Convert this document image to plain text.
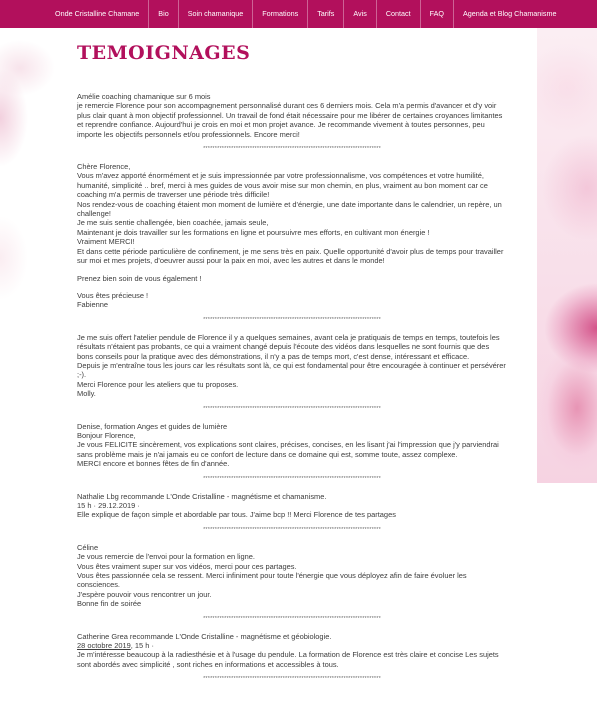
Onde Cristalline Chamane	Bio	Soin chamanique	Formations	Tarifs	Avis	Contact	FAQ	Agenda et Blog Chamanisme
TEMOIGNAGES

Amélie coaching chamanique sur 6 mois

je remercie Florence pour son accompagnement personnalisé durant ces 6 derniers mois. Cela m'a permis d'avancer et d'y voir plus clair quant à mon objectif professionnel. Un travail de fond était nécessaire pour me libérer de certaines croyances limitantes et reprendre confiance. Aujourd'hui je crois en moi et mon projet avance. Je recommande vivement à toutes personnes, peu importe les objectifs personnels et/ou professionnels. Encore merci!

****************************************************************************

Chère Florence,

Vous m'avez apporté énormément et je suis impressionnée par votre professionnalisme, vos compétences et votre humilité, humanité, simplicité .. bref, merci à mes guides de vous avoir mise sur mon chemin, en plus, vraiment au bon moment car ce coaching m'a permis de traverser une période très difficile!

Nos rendez-vous de coaching étaient mon moment de lumière et d'énergie, une date importante dans le calendrier, un repère, un challenge!

Je me suis sentie challengée, bien coachée, jamais seule,

Maintenant je dois travailler sur les formations en ligne et poursuivre mes efforts, en cultivant mon énergie !

Vraiment MERCI!

Et dans cette période particulière de confinement, je me sens très en paix. Quelle opportunité d'avoir plus de temps pour travailler sur moi et mes projets, d'oeuvrer aussi pour la paix en moi, avec les autres et dans le monde!

Prenez bien soin de vous également !

Vous êtes précieuse !

Fabienne

****************************************************************************

Je me suis offert l'atelier pendule de Florence il y a quelques semaines, avant cela je pratiquais de temps en temps, toutefois les résultats n'étaient pas probants, ce qui a vraiment changé depuis l'écoute des vidéos dans lesquelles ne sont fournis que des bons conseils pour la pratique avec des démonstrations, il n'y a pas de temps mort, c'est dense, intéressant et efficace.

Depuis je m'entraîne tous les jours car les résultats sont là, ce qui est fondamental pour être encouragée à continuer et persévérer ;-).

Merci Florence pour les ateliers que tu proposes.

Molly.

****************************************************************************

Denise, formation Anges et guides de lumière

Bonjour Florence,

Je vous FELICITE sincèrement, vos explications sont claires, précises, concises, en les lisant j'ai l'impression que j'y parviendrai sans problème mais je n'ai jamais eu ce confort de lecture dans ce domaine qui est, somme toute, assez complexe.

MERCI encore et bonnes fêtes de fin d'année.

****************************************************************************

Nathalie Lbg recommande L'Onde Cristalline - magnétisme et chamanisme.

15 h · 29.12.2019 ·

Elle explique de façon simple et abordable par tous. J'aime bcp !! Merci Florence de tes partages

****************************************************************************

Céline

Je vous remercie de l'envoi pour la formation en ligne.

Vous êtes vraiment super sur vos vidéos, merci pour ces partages.

Vous êtes passionnée cela se ressent. Merci infiniment pour toute l'énergie que vous déployez afin de faire évoluer les consciences.

J'espère pouvoir vous rencontrer un jour.

Bonne fin de soirée

****************************************************************************

Catherine Grea recommande L'Onde Cristalline - magnétisme et géobiologie.

28 octobre 2019, 15 h ·

Je m'intéresse beaucoup à la radiesthésie et à l'usage du pendule. La formation de Florence est très claire et concise Les sujets sont abordés avec simplicité , sont riches en informations et accessibles à tous.

****************************************************************************
